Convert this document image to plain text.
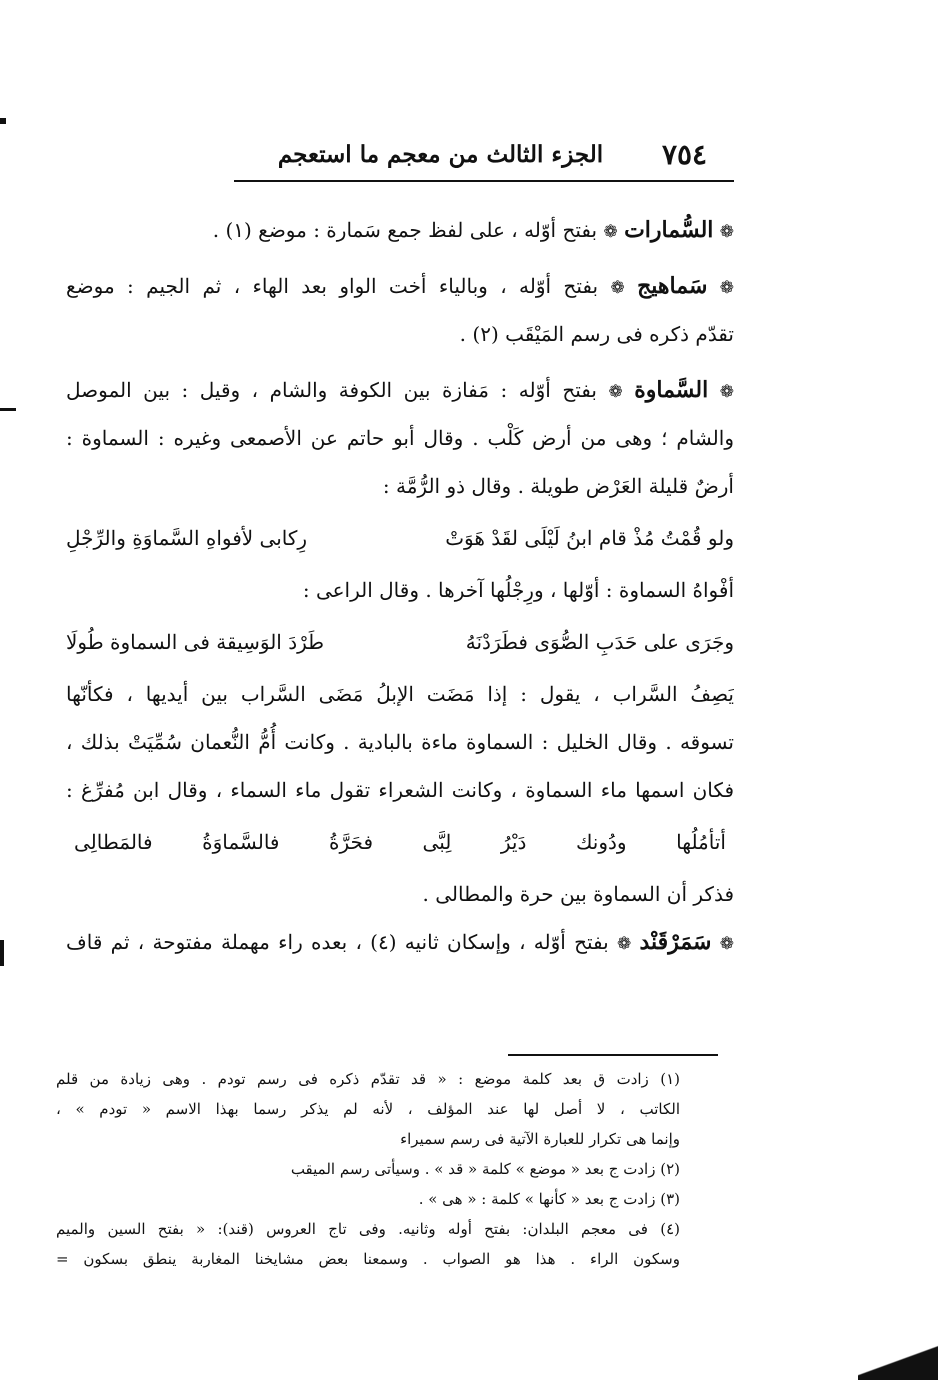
٧٥٤
الجزء الثالث من معجم ما استعجم
❁ السُّمارات ❁ بفتح أوّله ، على لفظ جمع سَمارة : موضع (١) .
❁ سَماهيج ❁ بفتح أوّله ، وبالياء أخت الواو بعد الهاء ، ثم الجيم : موضع
تقدّم ذكره فى رسم المَيْقَب (٢) .
❁ السَّماوة ❁ بفتح أوّله : مَفازة بين الكوفة والشام ، وقيل : بين الموصل
والشام ؛ وهى من أرض كَلْب . وقال أبو حاتم عن الأصمعى وغيره : السماوة :
أرضٌ قليلة العَرْض طويلة . وقال ذو الرُّمَّة :
ولو قُمْتُ مُذْ قام ابنُ لَيْلَى لقَدْ هَوَتْ
رِكابى لأفواهِ السَّماوَةِ والرِّجْلِ
أفْواهُ السماوة : أوّلها ، ورِجْلُها آخرها . وقال الراعى :
وجَرَى على حَدَبِ الصُّوَى فطَرَدْنَهُ
طَرْدَ الوَسِيقة فى السماوة طُولَا
يَصِفُ السَّراب ، يقول : إذا مَضَت الإبلُ مَضَى السَّراب بين أيديها ، فكأنّها
تسوقه . وقال الخليل : السماوة ماءة بالبادية . وكانت أُمُّ النُّعمان سُمِّيَتْ بذلك ،
فكان اسمها ماء السماوة ، وكانت الشعراء تقول ماء السماء ، وقال ابن مُفرِّغ :
أتأمُلُها
ودُونك
دَيْرُ
لِبَّى
فحَرَّةُ
فالسَّماوَةُ
فالمَطالِى
فذكر أن السماوة بين حرة والمطالى .
❁ سَمَرْقَنْد ❁ بفتح أوّله ، وإسكان ثانيه (٤) ، بعده راء مهملة مفتوحة ، ثم قاف
(١) زادت ق بعد كلمة موضع : « قد تقدّم ذكره فى رسم تودم . وهى زيادة من قلم
الكاتب ، لا أصل لها عند المؤلف ، لأنه لم يذكر رسما بهذا الاسم « تودم » ،
وإنما هى تكرار للعبارة الآتية فى رسم سميراء
(٢) زادت ج بعد « موضع » كلمة « قد » . وسيأتى رسم الميقب
(٣) زادت ج بعد « كأنها » كلمة : « هى » .
(٤) فى معجم البلدان: بفتح أوله وثانيه. وفى تاج العروس (قند): « بفتح السين والميم
وسكون الراء . هذا هو الصواب . وسمعنا بعض مشايخنا المغاربة ينطق بسكون =
